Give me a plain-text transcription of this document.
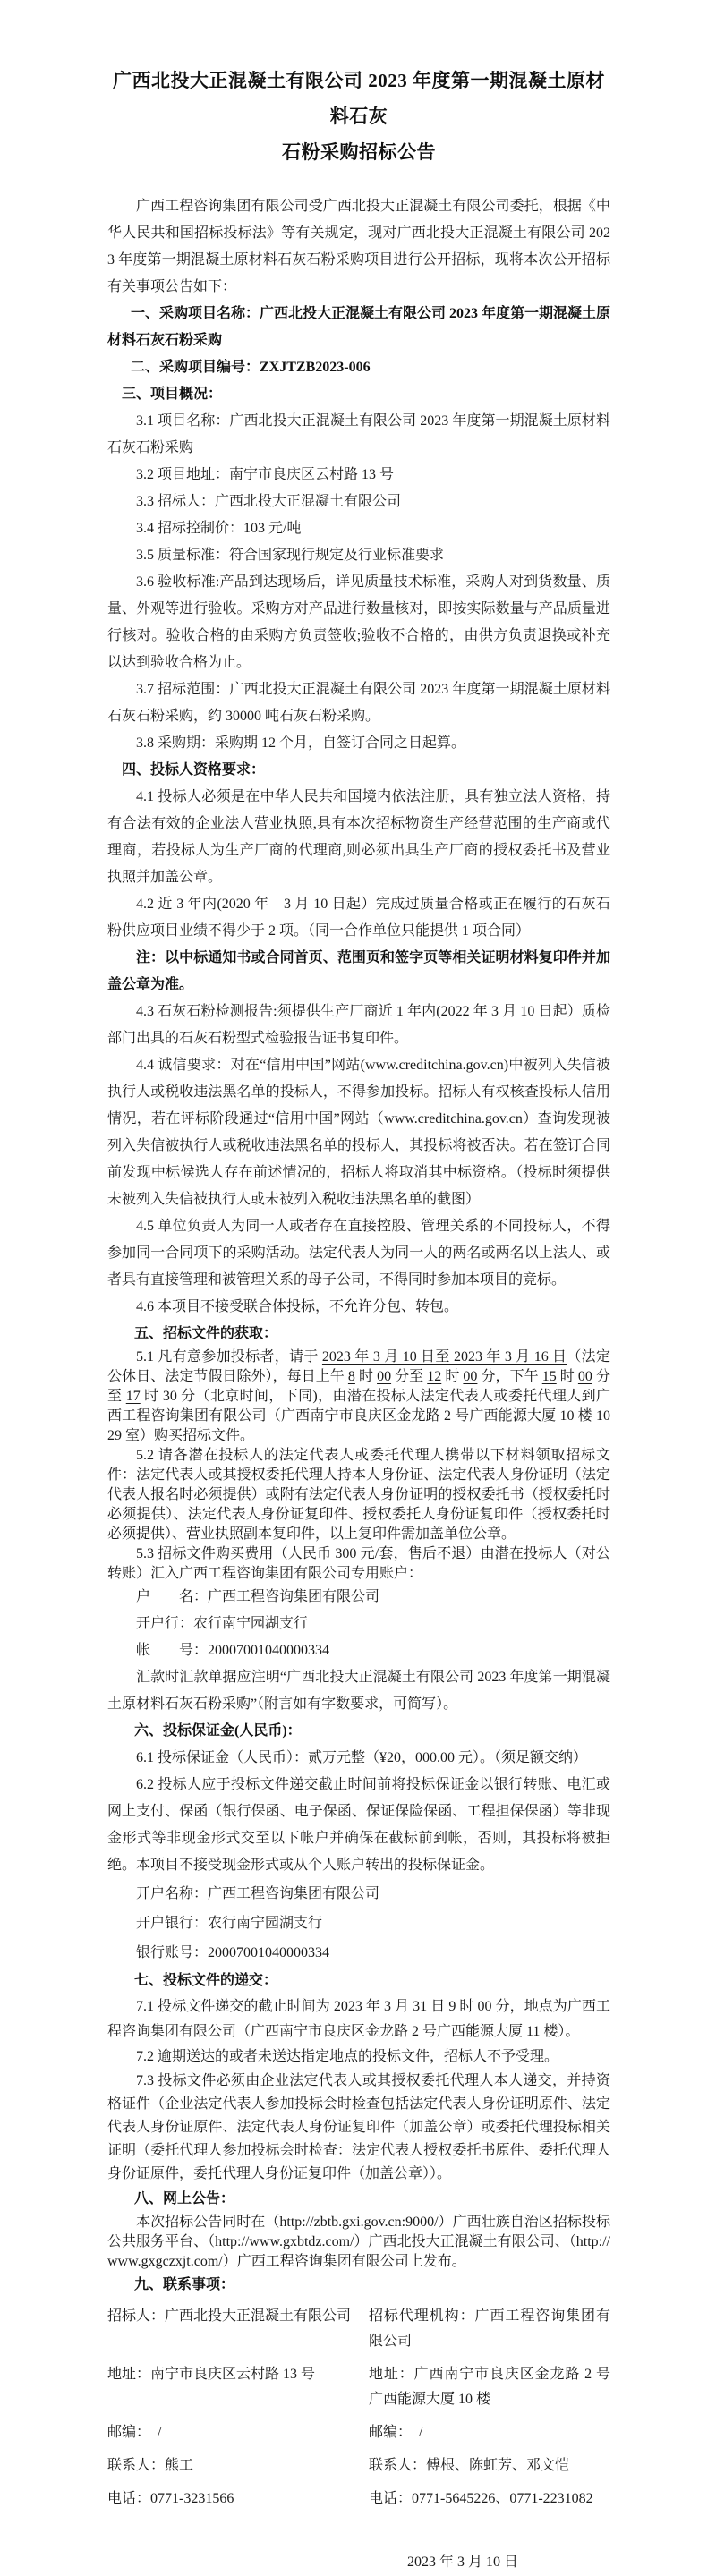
广西北投大正混凝土有限公司 2023 年度第一期混凝土原材料石灰
石粉采购招标公告
广西工程咨询集团有限公司受广西北投大正混凝土有限公司委托，根据《中华人民共和国招标投标法》等有关规定，现对广西北投大正混凝土有限公司 2023 年度第一期混凝土原材料石灰石粉采购项目进行公开招标，现将本次公开招标有关事项公告如下：
一、采购项目名称：广西北投大正混凝土有限公司 2023 年度第一期混凝土原材料石灰石粉采购
二、采购项目编号：ZXJTZB2023-006
三、项目概况：
3.1 项目名称：广西北投大正混凝土有限公司 2023 年度第一期混凝土原材料石灰石粉采购
3.2 项目地址：南宁市良庆区云村路 13 号
3.3 招标人：广西北投大正混凝土有限公司
3.4 招标控制价：103 元/吨
3.5 质量标准：符合国家现行规定及行业标准要求
3.6 验收标准:产品到达现场后，详见质量技术标准，采购人对到货数量、质量、外观等进行验收。采购方对产品进行数量核对，即按实际数量与产品质量进行核对。验收合格的由采购方负责签收;验收不合格的，由供方负责退换或补充以达到验收合格为止。
3.7 招标范围：广西北投大正混凝土有限公司 2023 年度第一期混凝土原材料石灰石粉采购，约 30000 吨石灰石粉采购。
3.8 采购期：采购期 12 个月，自签订合同之日起算。
四、投标人资格要求：
4.1 投标人必须是在中华人民共和国境内依法注册，具有独立法人资格，持有合法有效的企业法人营业执照,具有本次招标物资生产经营范围的生产商或代理商，若投标人为生产厂商的代理商,则必须出具生产厂商的授权委托书及营业执照并加盖公章。
4.2 近 3 年内(2020 年　3 月 10 日起）完成过质量合格或正在履行的石灰石粉供应项目业绩不得少于 2 项。（同一合作单位只能提供 1 项合同）
注：以中标通知书或合同首页、范围页和签字页等相关证明材料复印件并加盖公章为准。
4.3 石灰石粉检测报告:须提供生产厂商近 1 年内(2022 年 3 月 10 日起）质检部门出具的石灰石粉型式检验报告证书复印件。
4.4 诚信要求：对在“信用中国”网站(www.creditchina.gov.cn)中被列入失信被执行人或税收违法黑名单的投标人，不得参加投标。招标人有权核查投标人信用情况，若在评标阶段通过“信用中国”网站（www.creditchina.gov.cn）查询发现被列入失信被执行人或税收违法黑名单的投标人，其投标将被否决。若在签订合同前发现中标候选人存在前述情况的，招标人将取消其中标资格。（投标时须提供未被列入失信被执行人或未被列入税收违法黑名单的截图）
4.5 单位负责人为同一人或者存在直接控股、管理关系的不同投标人，不得参加同一合同项下的采购活动。法定代表人为同一人的两名或两名以上法人、或者具有直接管理和被管理关系的母子公司，不得同时参加本项目的竞标。
4.6 本项目不接受联合体投标，不允许分包、转包。
五、招标文件的获取：
5.1 凡有意参加投标者，请于 2023 年 3 月 10 日至 2023 年 3 月 16 日（法定公休日、法定节假日除外），每日上午 8 时 00 分至 12 时 00 分，下午 15 时 00 分至 17 时 30 分（北京时间，下同)，由潜在投标人法定代表人或委托代理人到广西工程咨询集团有限公司（广西南宁市良庆区金龙路 2 号广西能源大厦 10 楼 1029 室）购买招标文件。
5.2 请各潜在投标人的法定代表人或委托代理人携带以下材料领取招标文件：法定代表人或其授权委托代理人持本人身份证、法定代表人身份证明（法定代表人报名时必须提供）或附有法定代表人身份证明的授权委托书（授权委托时必须提供）、法定代表人身份证复印件、授权委托人身份证复印件（授权委托时必须提供）、营业执照副本复印件，以上复印件需加盖单位公章。
5.3 招标文件购买费用（人民币 300 元/套，售后不退）由潜在投标人（对公转账）汇入广西工程咨询集团有限公司专用账户：
户　　名：广西工程咨询集团有限公司
开户行：农行南宁园湖支行
帐　　号：20007001040000334
汇款时汇款单据应注明“广西北投大正混凝土有限公司 2023 年度第一期混凝土原材料石灰石粉采购”（附言如有字数要求，可简写）。
六、投标保证金(人民币)：
6.1 投标保证金（人民币）：贰万元整（¥20，000.00 元）。（须足额交纳）
6.2 投标人应于投标文件递交截止时间前将投标保证金以银行转账、电汇或网上支付、保函（银行保函、电子保函、保证保险保函、工程担保保函）等非现金形式等非现金形式交至以下帐户并确保在截标前到帐，否则，其投标将被拒绝。本项目不接受现金形式或从个人账户转出的投标保证金。
开户名称：广西工程咨询集团有限公司
开户银行：农行南宁园湖支行
银行账号：20007001040000334
七、投标文件的递交：
7.1 投标文件递交的截止时间为 2023 年 3 月 31 日 9 时 00 分，地点为广西工程咨询集团有限公司（广西南宁市良庆区金龙路 2 号广西能源大厦 11 楼）。
7.2 逾期送达的或者未送达指定地点的投标文件，招标人不予受理。
7.3 投标文件必须由企业法定代表人或其授权委托代理人本人递交，并持资格证件（企业法定代表人参加投标会时检查包括法定代表人身份证明原件、法定代表人身份证原件、法定代表人身份证复印件（加盖公章）或委托代理投标相关证明（委托代理人参加投标会时检查：法定代表人授权委托书原件、委托代理人身份证原件，委托代理人身份证复印件（加盖公章））。
八、网上公告：
本次招标公告同时在（http://zbtb.gxi.gov.cn:9000/）广西壮族自治区招标投标公共服务平台、（http://www.gxbtdz.com/）广西北投大正混凝土有限公司、（http://www.gxgczxjt.com/）广西工程咨询集团有限公司上发布。
九、联系事项：
招标人：广西北投大正混凝土有限公司	招标代理机构：广西工程咨询集团有限公司
地址：南宁市良庆区云村路 13 号	地址：广西南宁市良庆区金龙路 2 号广西能源大厦 10 楼
邮编：　/	邮编：　/
联系人：熊工	联系人：傅根、陈虹芳、邓文恺
电话：0771-3231566	电话：0771-5645226、0771-2231082
2023 年 3 月 10 日
